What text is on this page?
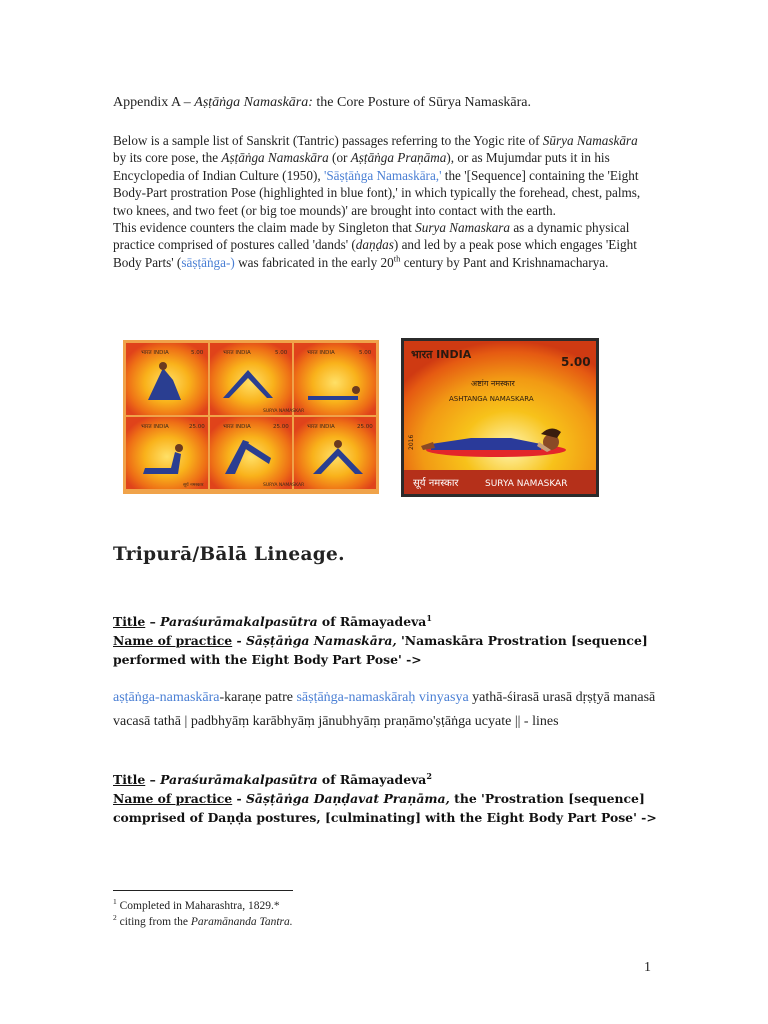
Appendix A – Aṣṭāṅga Namaskāra: the Core Posture of Sūrya Namaskāra.
Below is a sample list of Sanskrit (Tantric) passages referring to the Yogic rite of Sūrya Namaskāra by its core pose, the Aṣṭāṅga Namaskāra (or Aṣṭāṅga Praṇāma), or as Mujumdar puts it in his Encyclopedia of Indian Culture (1950), 'Sāṣṭāṅga Namaskāra,' the '[Sequence] containing the 'Eight Body-Part prostration Pose (highlighted in blue font),' in which typically the forehead, chest, palms, two knees, and two feet (or big toe mounds)' are brought into contact with the earth.
This evidence counters the claim made by Singleton that Surya Namaskara as a dynamic physical practice comprised of postures called 'dands' (daṇḍas) and led by a peak pose which engages 'Eight Body Parts' (sāṣṭāṅga-) was fabricated in the early 20th century by Pant and Krishnamacharya.
भारत INDIA	5.00	भारत INDIA	5.00	भारत INDIA	5.00
भारत INDIA	25.00	भारत INDIA	25.00	भारत INDIA	25.00
SURYA NAMASKAR
सूर्य नमस्कार	SURYA NAMASKAR
भारत INDIA
5.00
अष्टांग नमस्कार
ASHTANGA NAMASKARA
2016
सूर्य नमस्कार	SURYA NAMASKAR
Tripurā/Bālā Lineage.
Title – Paraśurāmakalpasūtra of Rāmayadeva$^1$
Name of practice - Sāṣṭāṅga Namaskāra, 'Namaskāra Prostration [sequence] performed with the Eight Body Part Pose' ->
aṣṭāṅga-namaskāra-karaṇe patre sāṣṭāṅga-namaskāraḥ vinyasya yathā-śirasā urasā dṛṣṭyā manasā vacasā tathā | padbhyāṃ karābhyāṃ jānubhyāṃ praṇāmo'ṣṭāṅga ucyate || - lines
Title – Paraśurāmakalpasūtra of Rāmayadeva$^2$
Name of practice - Sāṣṭāṅga Daṇḍavat Praṇāma, the 'Prostration [sequence] comprised of Daṇḍa postures, [culminating] with the Eight Body Part Pose' ->
$^1$ Completed in Maharashtra, 1829.*
$^2$ citing from the Paramānanda Tantra.
1
